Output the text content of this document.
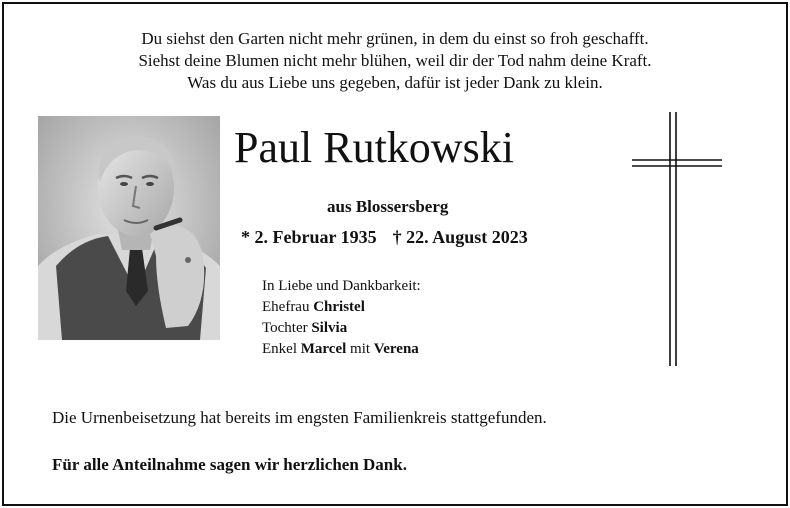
Du siehst den Garten nicht mehr grünen, in dem du einst so froh geschafft.
Siehst deine Blumen nicht mehr blühen, weil dir der Tod nahm deine Kraft.
Was du aus Liebe uns gegeben, dafür ist jeder Dank zu klein.
Paul Rutkowski
aus Blossersberg
* 2. Februar 1935 † 22. August 2023
In Liebe und Dankbarkeit:
Ehefrau Christel
Tochter Silvia
Enkel Marcel mit Verena
Die Urnenbeisetzung hat bereits im engsten Familienkreis stattgefunden.
Für alle Anteilnahme sagen wir herzlichen Dank.
